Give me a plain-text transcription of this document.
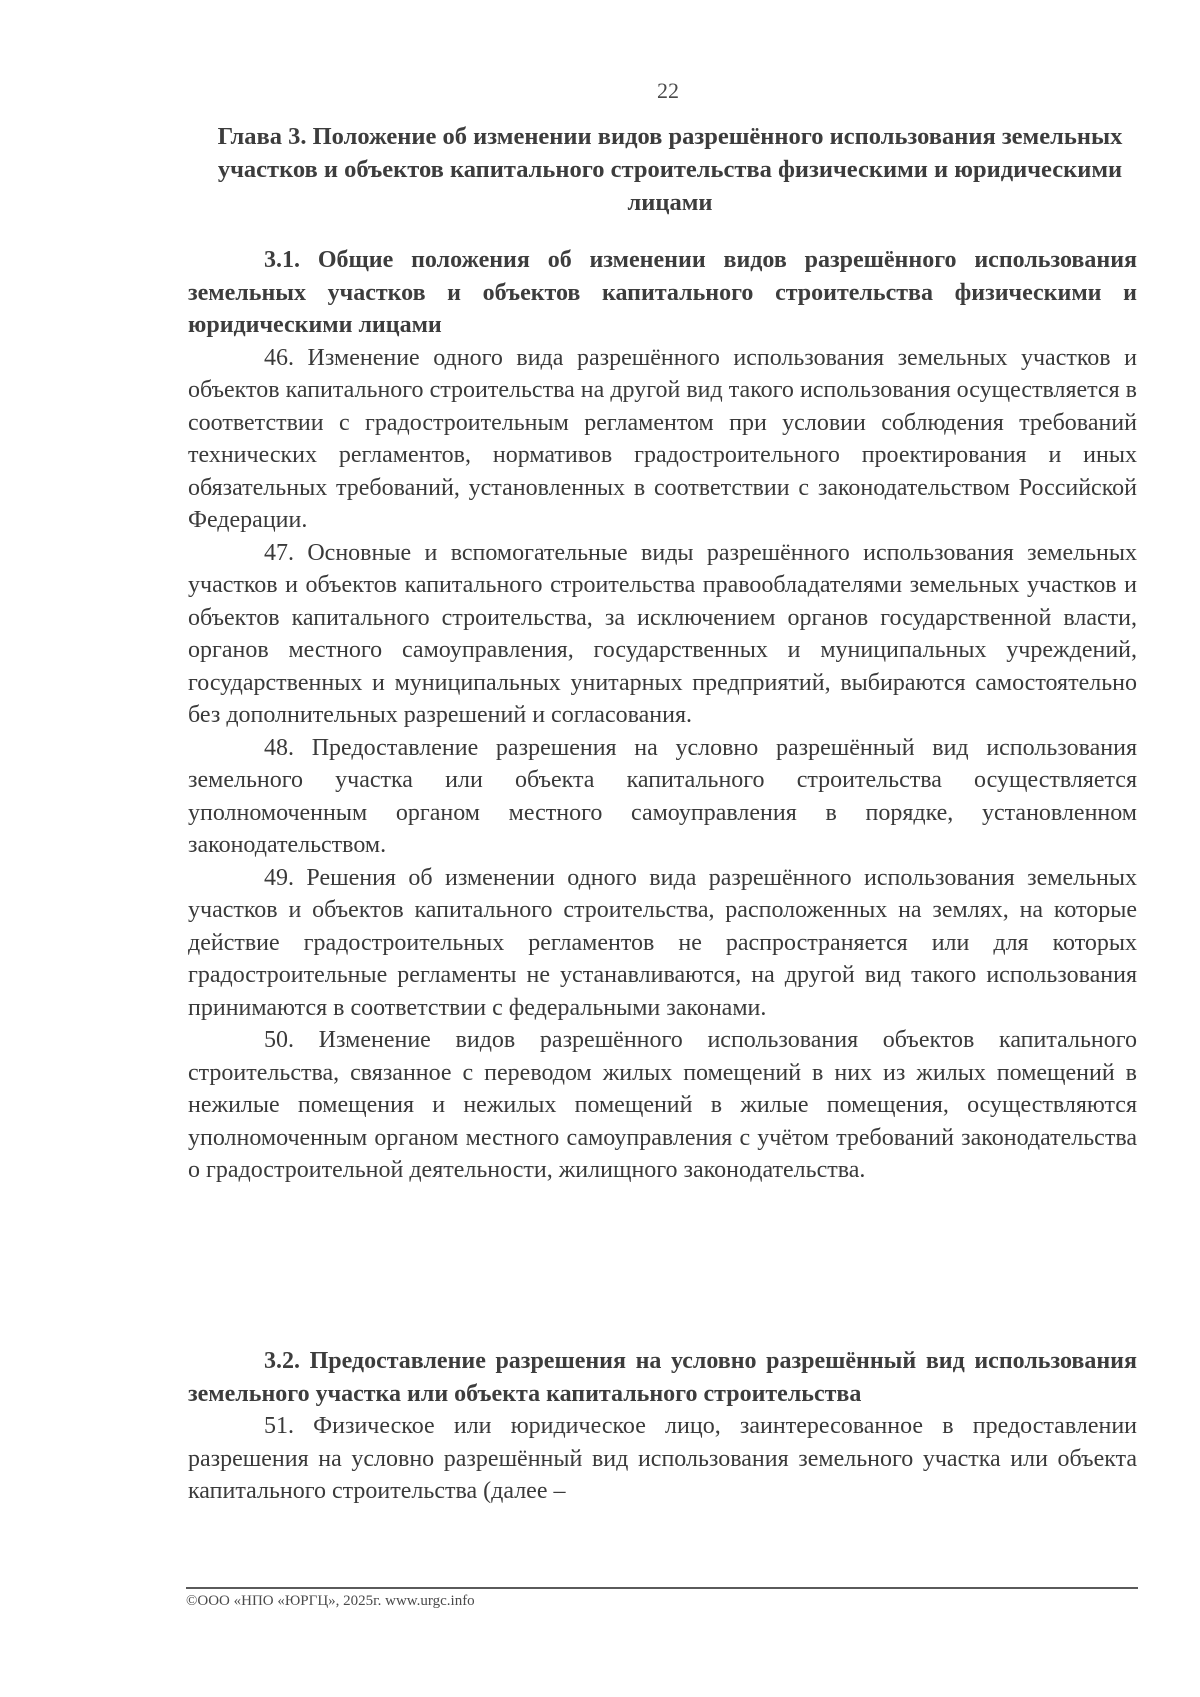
22
Глава 3. Положение об изменении видов разрешённого использования земельных участков и объектов капитального строительства физическими и юридическими лицами
3.1. Общие положения об изменении видов разрешённого использования земельных участков и объектов капитального строительства физическими и юридическими лицами

46. Изменение одного вида разрешённого использования земельных участков и объектов капитального строительства на другой вид такого использования осуществляется в соответствии с градостроительным регламентом при условии соблюдения требований технических регламентов, нормативов градостроительного проектирования и иных обязательных требований, установленных в соответствии с законодательством Российской Федерации.

47. Основные и вспомогательные виды разрешённого использования земельных участков и объектов капитального строительства правообладателями земельных участков и объектов капитального строительства, за исключением органов государственной власти, органов местного самоуправления, государственных и муниципальных учреждений, государственных и муниципальных унитарных предприятий, выбираются самостоятельно без дополнительных разрешений и согласования.

48. Предоставление разрешения на условно разрешённый вид использования земельного участка или объекта капитального строительства осуществляется уполномоченным органом местного самоуправления в порядке, установленном законодательством.

49. Решения об изменении одного вида разрешённого использования земельных участков и объектов капитального строительства, расположенных на землях, на которые действие градостроительных регламентов не распространяется или для которых градостроительные регламенты не устанавливаются, на другой вид такого использования принимаются в соответствии с федеральными законами.

50. Изменение видов разрешённого использования объектов капитального строительства, связанное с переводом жилых помещений в них из жилых помещений в нежилые помещения и нежилых помещений в жилые помещения, осуществляются уполномоченным органом местного самоуправления с учётом требований законодательства о градостроительной деятельности, жилищного законодательства.

3.2. Предоставление разрешения на условно разрешённый вид использования земельного участка или объекта капитального строительства

51. Физическое или юридическое лицо, заинтересованное в предоставлении разрешения на условно разрешённый вид использования земельного участка или объекта капитального строительства (далее –

©ООО «НПО «ЮРГЦ», 2025г. www.urgc.info
